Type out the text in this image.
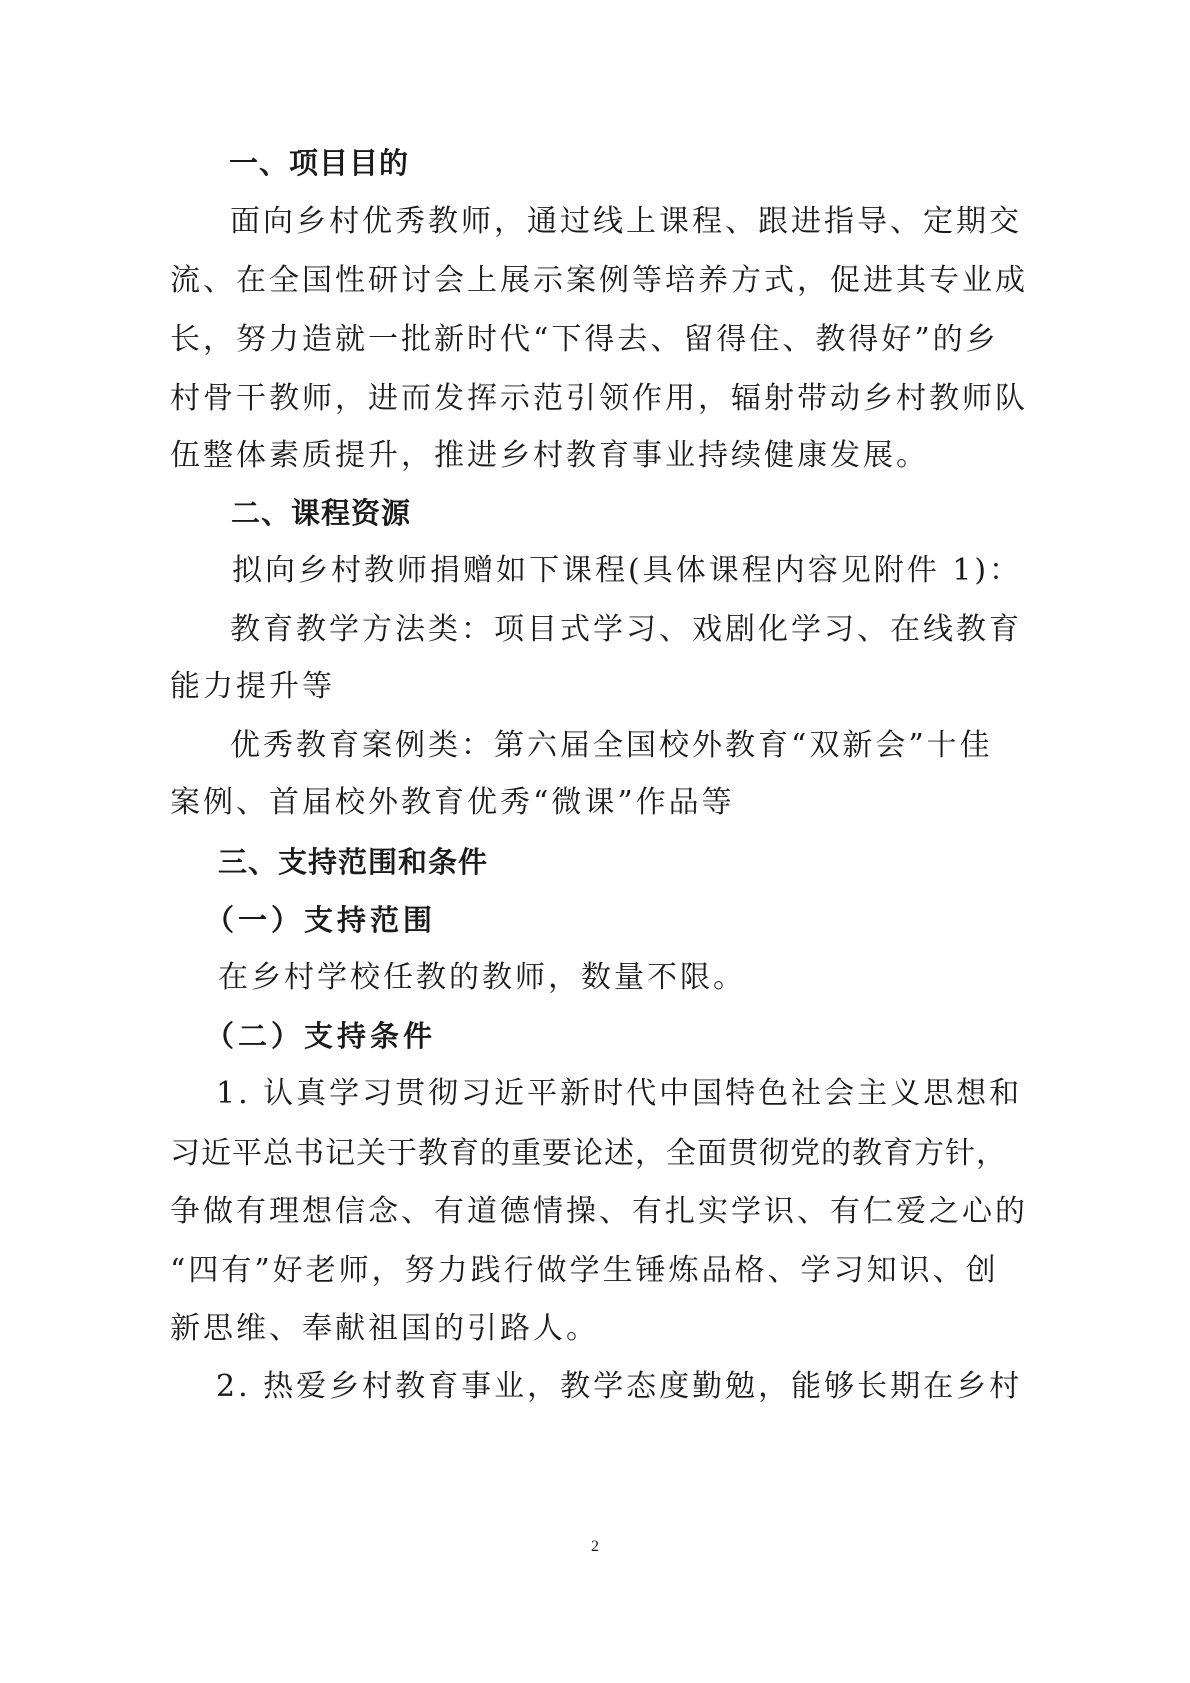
一、项目目的
面向乡村优秀教师，通过线上课程、跟进指导、定期交
流、在全国性研讨会上展示案例等培养方式，促进其专业成
长，努力造就一批新时代“下得去、留得住、教得好”的乡
村骨干教师，进而发挥示范引领作用，辐射带动乡村教师队
伍整体素质提升，推进乡村教育事业持续健康发展。
二、课程资源
拟向乡村教师捐赠如下课程(具体课程内容见附件 1)：
教育教学方法类：项目式学习、戏剧化学习、在线教育
能力提升等
优秀教育案例类：第六届全国校外教育“双新会”十佳
案例、首届校外教育优秀“微课”作品等
三、支持范围和条件
（一）支持范围
在乡村学校任教的教师，数量不限。
（二）支持条件
1. 认真学习贯彻习近平新时代中国特色社会主义思想和
习近平总书记关于教育的重要论述，全面贯彻党的教育方针，
争做有理想信念、有道德情操、有扎实学识、有仁爱之心的
“四有”好老师，努力践行做学生锤炼品格、学习知识、创
新思维、奉献祖国的引路人。
2. 热爱乡村教育事业，教学态度勤勉，能够长期在乡村
2
